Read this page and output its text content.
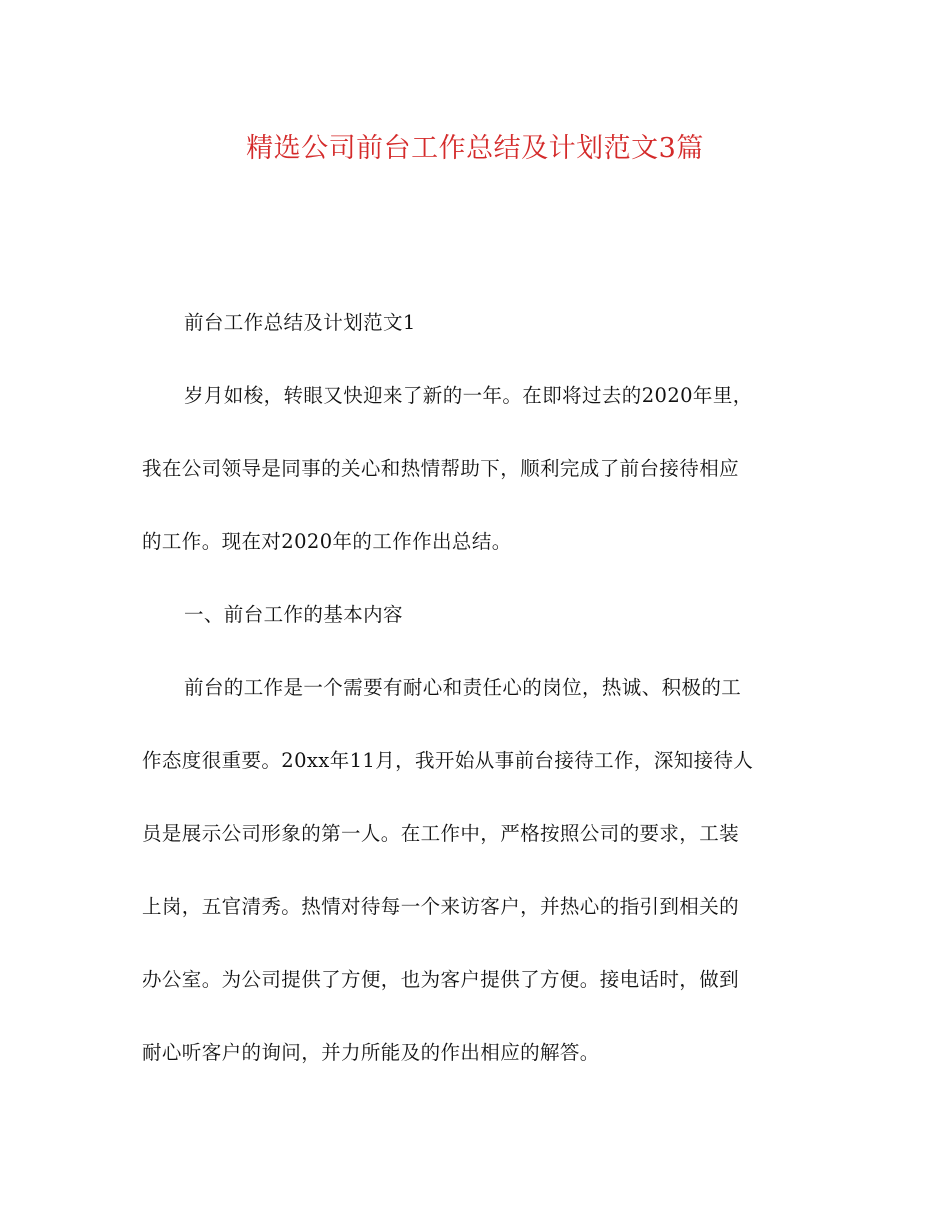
精选公司前台工作总结及计划范文3篇
前台工作总结及计划范文1
岁月如梭，转眼又快迎来了新的一年。在即将过去的2020年里，
我在公司领导是同事的关心和热情帮助下，顺利完成了前台接待相应
的工作。现在对2020年的工作作出总结。
一、前台工作的基本内容
前台的工作是一个需要有耐心和责任心的岗位，热诚、积极的工
作态度很重要。20xx年11月，我开始从事前台接待工作，深知接待人
员是展示公司形象的第一人。在工作中，严格按照公司的要求，工装
上岗，五官清秀。热情对待每一个来访客户，并热心的指引到相关的
办公室。为公司提供了方便，也为客户提供了方便。接电话时，做到
耐心听客户的询问，并力所能及的作出相应的解答。
